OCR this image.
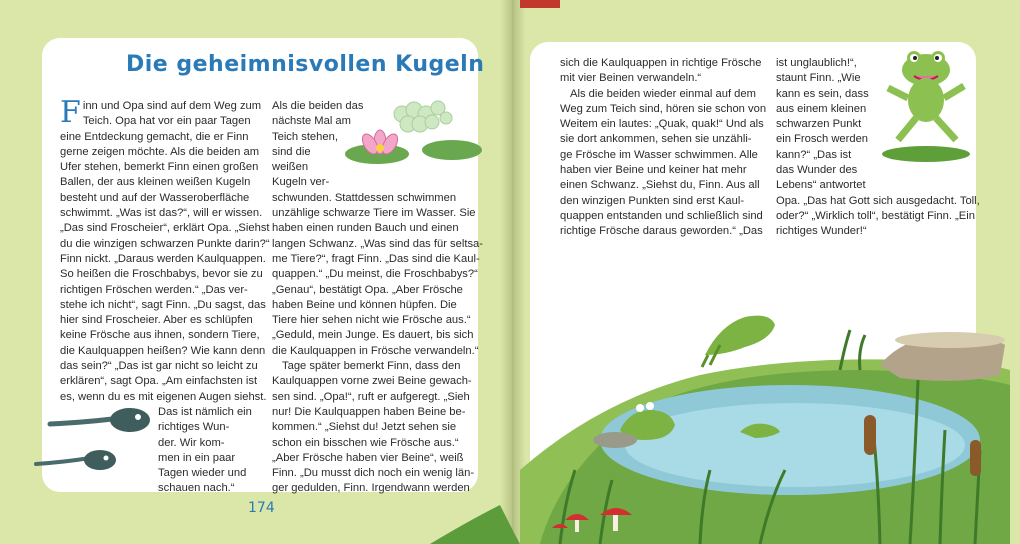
Die geheimnisvollen Kugeln
F inn und Opa sind auf dem Weg zum
Teich. Opa hat vor ein paar Tagen
eine Entdeckung gemacht, die er Finn
gerne zeigen möchte. Als die beiden am
Ufer stehen, bemerkt Finn einen großen
Ballen, der aus kleinen weißen Kugeln
besteht und auf der Wasseroberfläche
schwimmt. „Was ist das?“, will er wissen.
„Das sind Froscheier“, erklärt Opa. „Siehst
du die winzigen schwarzen Punkte darin?“
Finn nickt. „Daraus werden Kaulquappen.
So heißen die Froschbabys, bevor sie zu
richtigen Fröschen werden.“ „Das ver-
stehe ich nicht“, sagt Finn. „Du sagst, das
hier sind Froscheier. Aber es schlüpfen
keine Frösche aus ihnen, sondern Tiere,
die Kaulquappen heißen? Wie kann denn
das sein?“ „Das ist gar nicht so leicht zu
erklären“, sagt Opa. „Am einfachsten ist
es, wenn du es mit eigenen Augen siehst.
Das ist nämlich ein
richtiges Wun-
der. Wir kom-
men in ein paar
Tagen wieder und
schauen nach.“
Als die beiden das
nächste Mal am
Teich stehen,
sind die
weißen
Kugeln ver-
schwunden. Stattdessen schwimmen
unzählige schwarze Tiere im Wasser. Sie
haben einen runden Bauch und einen
langen Schwanz. „Was sind das für seltsa-
me Tiere?“, fragt Finn. „Das sind die Kaul-
quappen.“ „Du meinst, die Froschbabys?“
„Genau“, bestätigt Opa. „Aber Frösche
haben Beine und können hüpfen. Die
Tiere hier sehen nicht wie Frösche aus.“
„Geduld, mein Junge. Es dauert, bis sich
die Kaulquappen in Frösche verwandeln.“
Tage später bemerkt Finn, dass den
Kaulquappen vorne zwei Beine gewach-
sen sind. „Opa!“, ruft er aufgeregt. „Sieh
nur! Die Kaulquappen haben Beine be-
kommen.“ „Siehst du! Jetzt sehen sie
schon ein bisschen wie Frösche aus.“
„Aber Frösche haben vier Beine“, weiß
Finn. „Du musst dich noch ein wenig län-
ger gedulden, Finn. Irgendwann werden
sich die Kaulquappen in richtige Frösche
mit vier Beinen verwandeln.“
Als die beiden wieder einmal auf dem
Weg zum Teich sind, hören sie schon von
Weitem ein lautes: „Quak, quak!“ Und als
sie dort ankommen, sehen sie unzähli-
ge Frösche im Wasser schwimmen. Alle
haben vier Beine und keiner hat mehr
einen Schwanz. „Siehst du, Finn. Aus all
den winzigen Punkten sind erst Kaul-
quappen entstanden und schließlich sind
richtige Frösche daraus geworden.“ „Das
ist unglaublich!“,
staunt Finn. „Wie
kann es sein, dass
aus einem kleinen
schwarzen Punkt
ein Frosch werden
kann?“ „Das ist
das Wunder des
Lebens“ antwortet
Opa. „Das hat Gott sich ausgedacht. Toll,
oder?“ „Wirklich toll“, bestätigt Finn. „Ein
richtiges Wunder!“
174
